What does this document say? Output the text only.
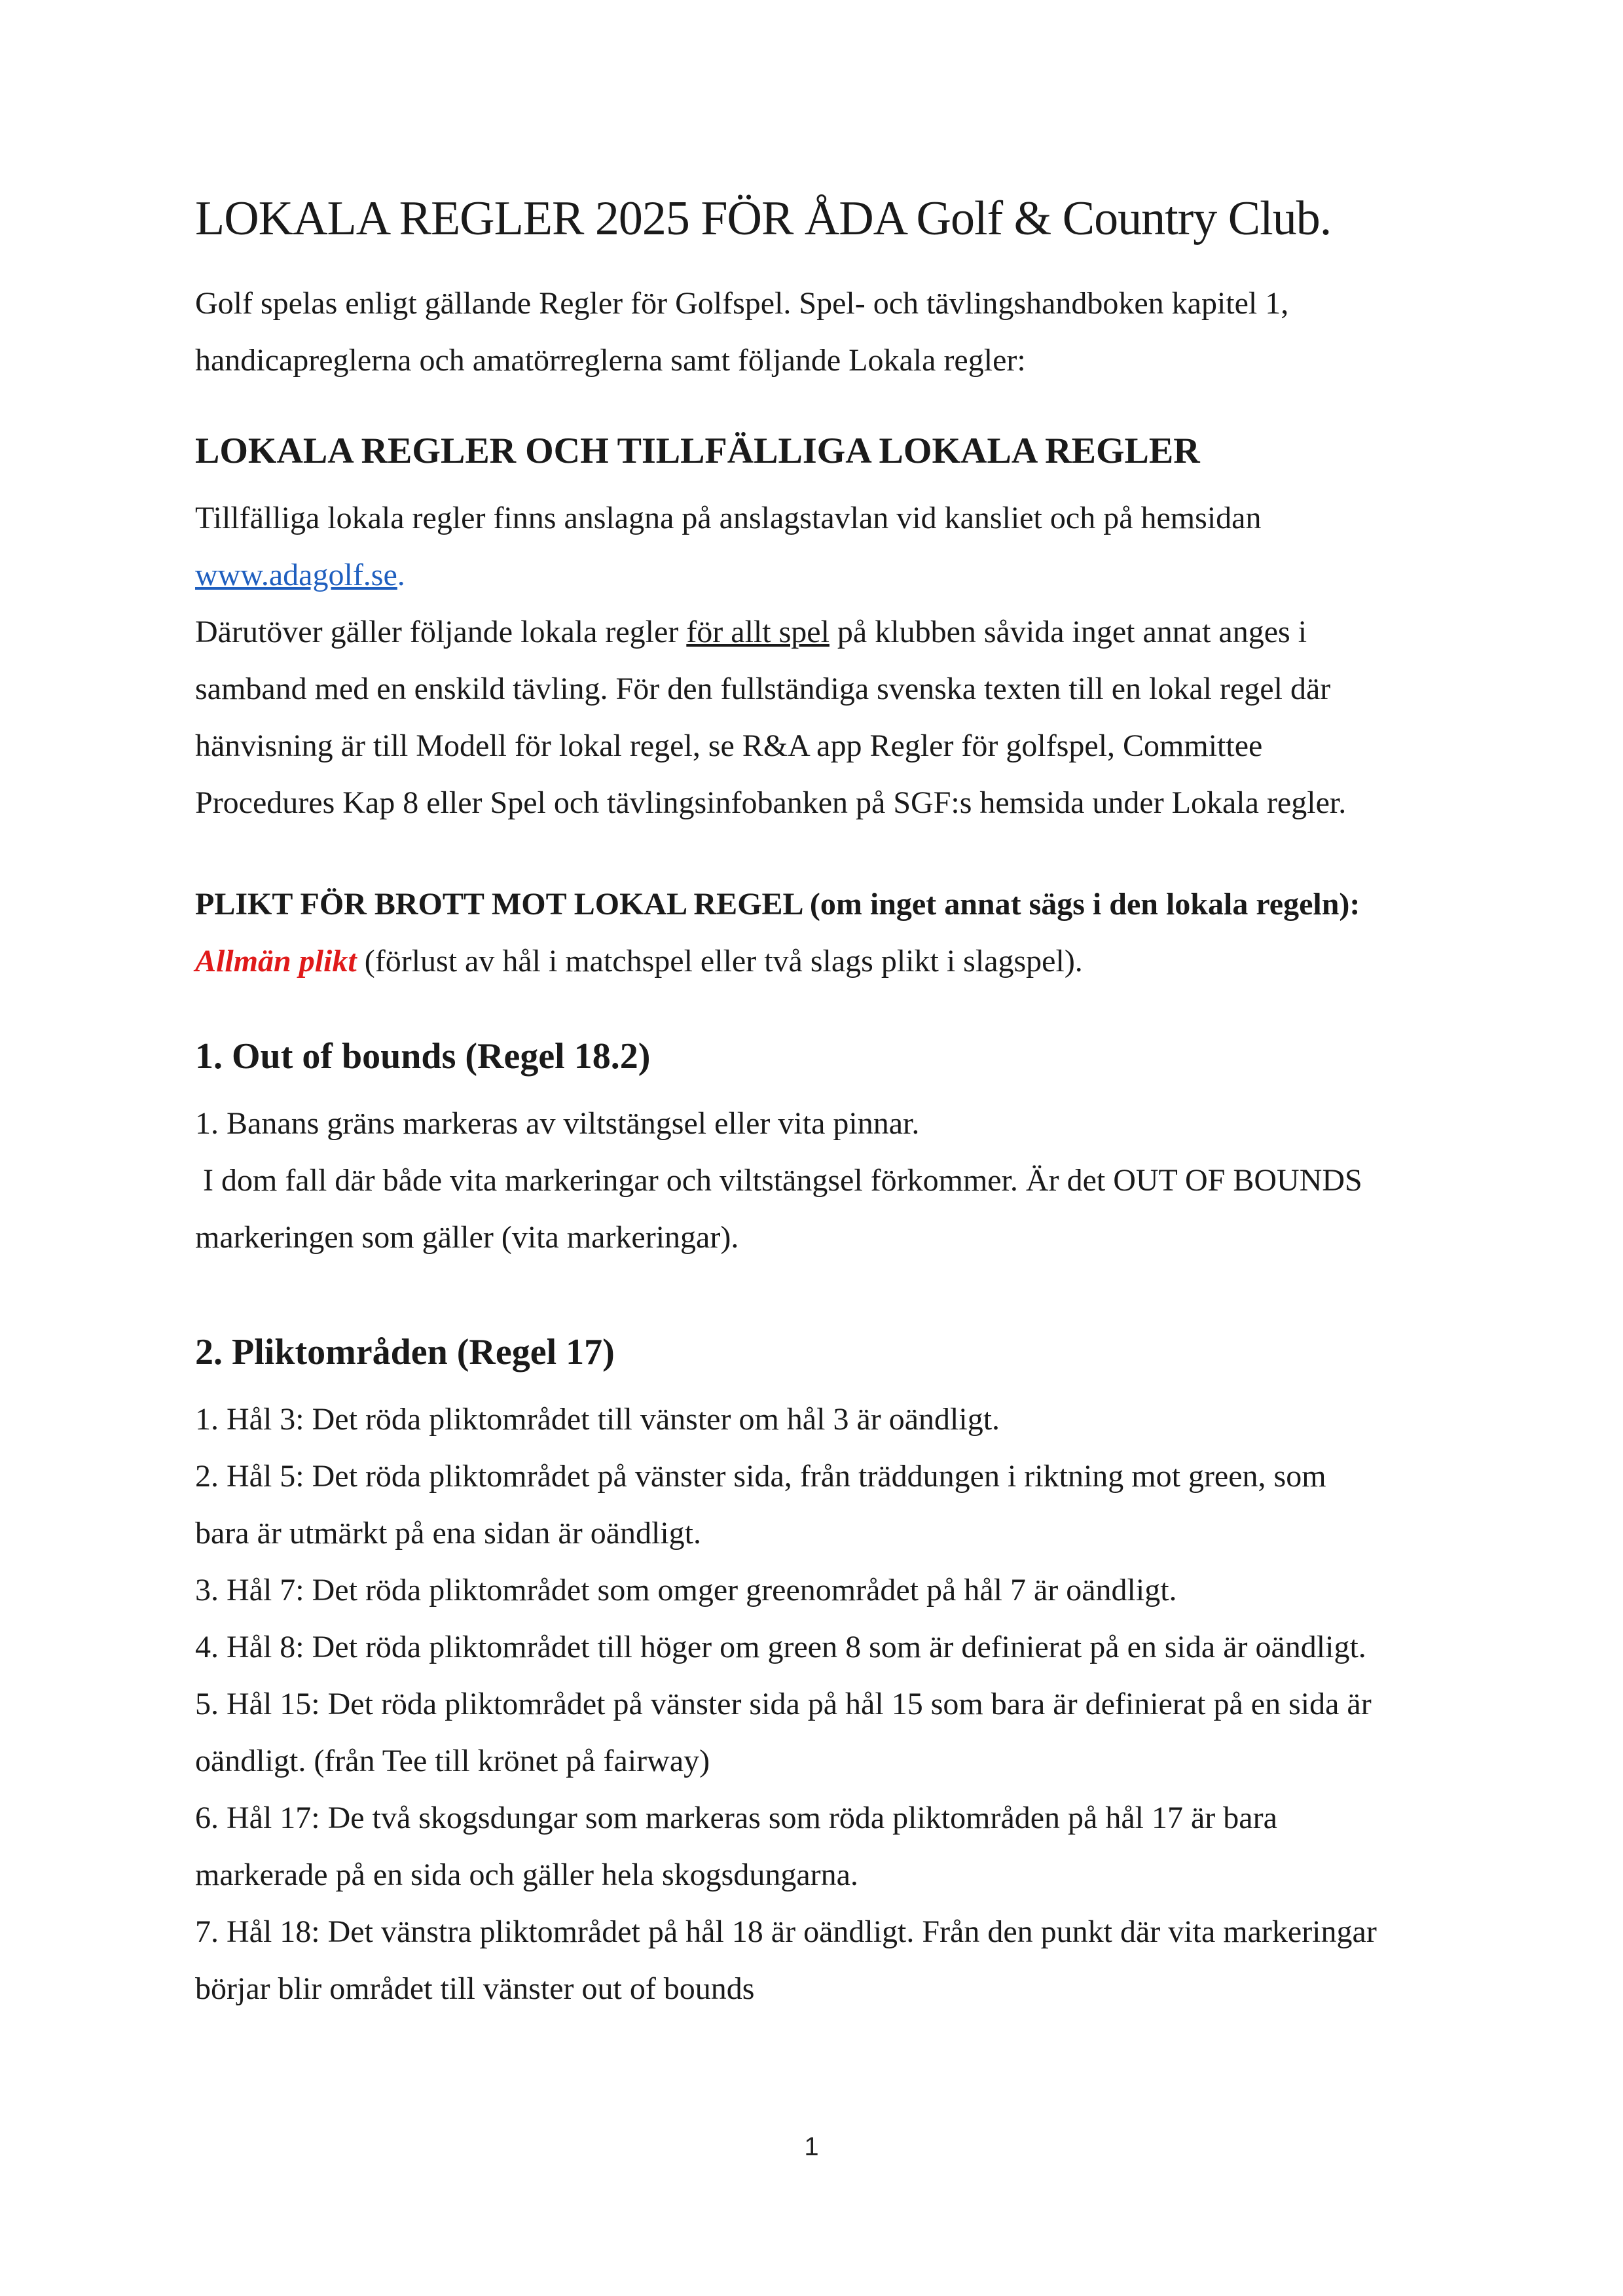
LOKALA REGLER 2025 FÖR ÅDA Golf & Country Club.

Golf spelas enligt gällande Regler för Golfspel. Spel- och tävlingshandboken kapitel 1,
handicapreglerna och amatörreglerna samt följande Lokala regler:

LOKALA REGLER OCH TILLFÄLLIGA LOKALA REGLER

Tillfälliga lokala regler finns anslagna på anslagstavlan vid kansliet och på hemsidan
www.adagolf.se.
Därutöver gäller följande lokala regler för allt spel på klubben såvida inget annat anges i
samband med en enskild tävling. För den fullständiga svenska texten till en lokal regel där
hänvisning är till Modell för lokal regel, se R&A app Regler för golfspel, Committee
Procedures Kap 8 eller Spel och tävlingsinfobanken på SGF:s hemsida under Lokala regler.

PLIKT FÖR BROTT MOT LOKAL REGEL (om inget annat sägs i den lokala regeln):
Allmän plikt (förlust av hål i matchspel eller två slags plikt i slagspel).

1. Out of bounds (Regel 18.2)

1. Banans gräns markeras av viltstängsel eller vita pinnar.
I dom fall där både vita markeringar och viltstängsel förkommer. Är det OUT OF BOUNDS
markeringen som gäller (vita markeringar).

2. Pliktområden (Regel 17)

1. Hål 3: Det röda pliktområdet till vänster om hål 3 är oändligt.
2. Hål 5: Det röda pliktområdet på vänster sida, från träddungen i riktning mot green, som
bara är utmärkt på ena sidan är oändligt.
3. Hål 7: Det röda pliktområdet som omger greenområdet på hål 7 är oändligt.
4. Hål 8: Det röda pliktområdet till höger om green 8 som är definierat på en sida är oändligt.
5. Hål 15: Det röda pliktområdet på vänster sida på hål 15 som bara är definierat på en sida är
oändligt. (från Tee till krönet på fairway)
6. Hål 17: De två skogsdungar som markeras som röda pliktområden på hål 17 är bara
markerade på en sida och gäller hela skogsdungarna.
7. Hål 18: Det vänstra pliktområdet på hål 18 är oändligt. Från den punkt där vita markeringar
börjar blir området till vänster out of bounds

1
